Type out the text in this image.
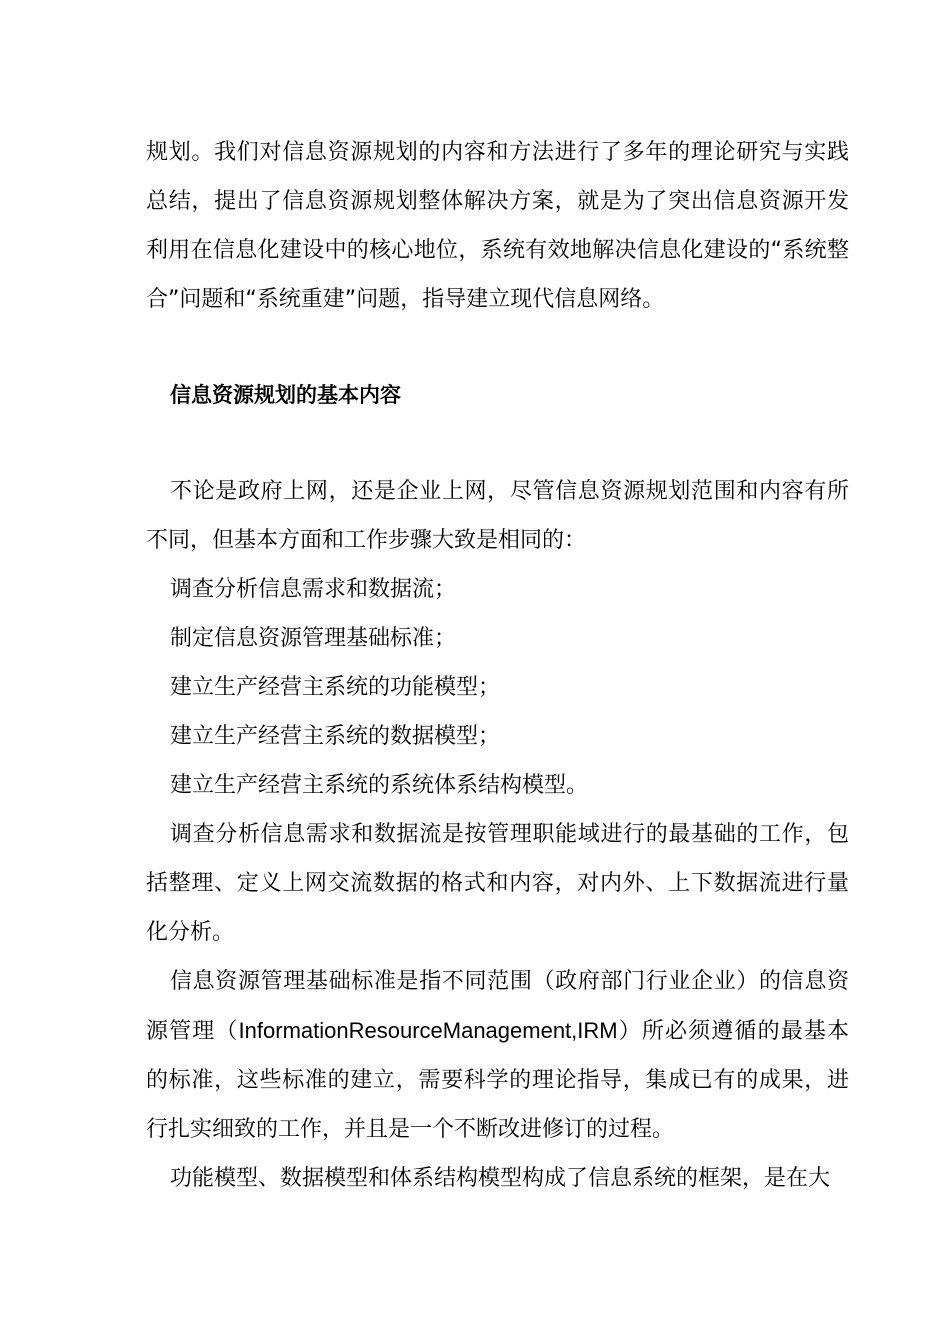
规划。我们对信息资源规划的内容和方法进行了多年的理论研究与实践总结，提出了信息资源规划整体解决方案，就是为了突出信息资源开发利用在信息化建设中的核心地位，系统有效地解决信息化建设的“系统整合”问题和“系统重建”问题，指导建立现代信息网络。

信息资源规划的基本内容

不论是政府上网，还是企业上网，尽管信息资源规划范围和内容有所不同，但基本方面和工作步骤大致是相同的：

调查分析信息需求和数据流；

制定信息资源管理基础标准；

建立生产经营主系统的功能模型；

建立生产经营主系统的数据模型；

建立生产经营主系统的系统体系结构模型。

调查分析信息需求和数据流是按管理职能域进行的最基础的工作，包括整理、定义上网交流数据的格式和内容，对内外、上下数据流进行量化分析。

信息资源管理基础标准是指不同范围（政府部门行业企业）的信息资源管理（InformationResourceManagement,IRM）所必须遵循的最基本的标准，这些标准的建立，需要科学的理论指导，集成已有的成果，进行扎实细致的工作，并且是一个不断改进修订的过程。

功能模型、数据模型和体系结构模型构成了信息系统的框架，是在大
